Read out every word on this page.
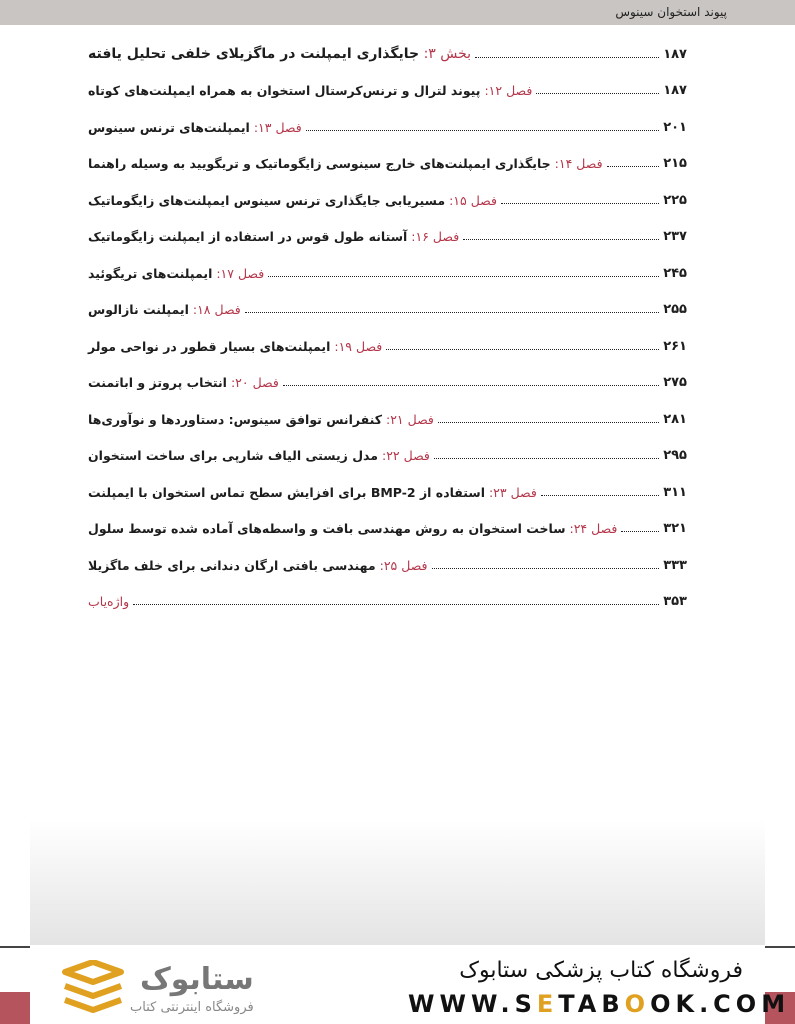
پیوند استخوان سینوس
بخش ۳: جایگذاری ایمپلنت در ماگزیلای خلفی تحلیل یافته	۱۸۷
فصل ۱۲: پیوند لترال و ترنس‌کرستال استخوان به همراه ایمپلنت‌های کوتاه	۱۸۷
فصل ۱۳: ایمپلنت‌های ترنس سینوس	۲۰۱
فصل ۱۴: جایگذاری ایمپلنت‌های خارج سینوسی زایگوماتیک و تریگویید به وسیله راهنما	۲۱۵
فصل ۱۵: مسیریابی جایگذاری ترنس سینوس ایمپلنت‌های زایگوماتیک	۲۲۵
فصل ۱۶: آستانه طول قوس در استفاده از ایمپلنت زایگوماتیک	۲۳۷
فصل ۱۷: ایمپلنت‌های تریگوئید	۲۴۵
فصل ۱۸: ایمپلنت نازالوس	۲۵۵
فصل ۱۹: ایمپلنت‌های بسیار قطور در نواحی مولر	۲۶۱
فصل ۲۰: انتخاب پروتز و اباتمنت	۲۷۵
فصل ۲۱: کنفرانس توافق سینوس: دستاوردها و نوآوری‌ها	۲۸۱
فصل ۲۲: مدل زیستی الیاف شارپی برای ساخت استخوان	۲۹۵
فصل ۲۳: استفاده از BMP-2 برای افزایش سطح تماس استخوان با ایمپلنت	۳۱۱
فصل ۲۴: ساخت استخوان به روش مهندسی بافت و واسطه‌های آماده شده توسط سلول	۳۲۱
فصل ۲۵: مهندسی بافتی ارگان دندانی برای خلف ماگزیلا	۳۳۳
واژه‌یاب	۳۵۳
ستابوک
فروشگاه اینترنتی کتاب
فروشگاه کتاب پزشکی ستابوک
WWW.SETABOOK.COM
